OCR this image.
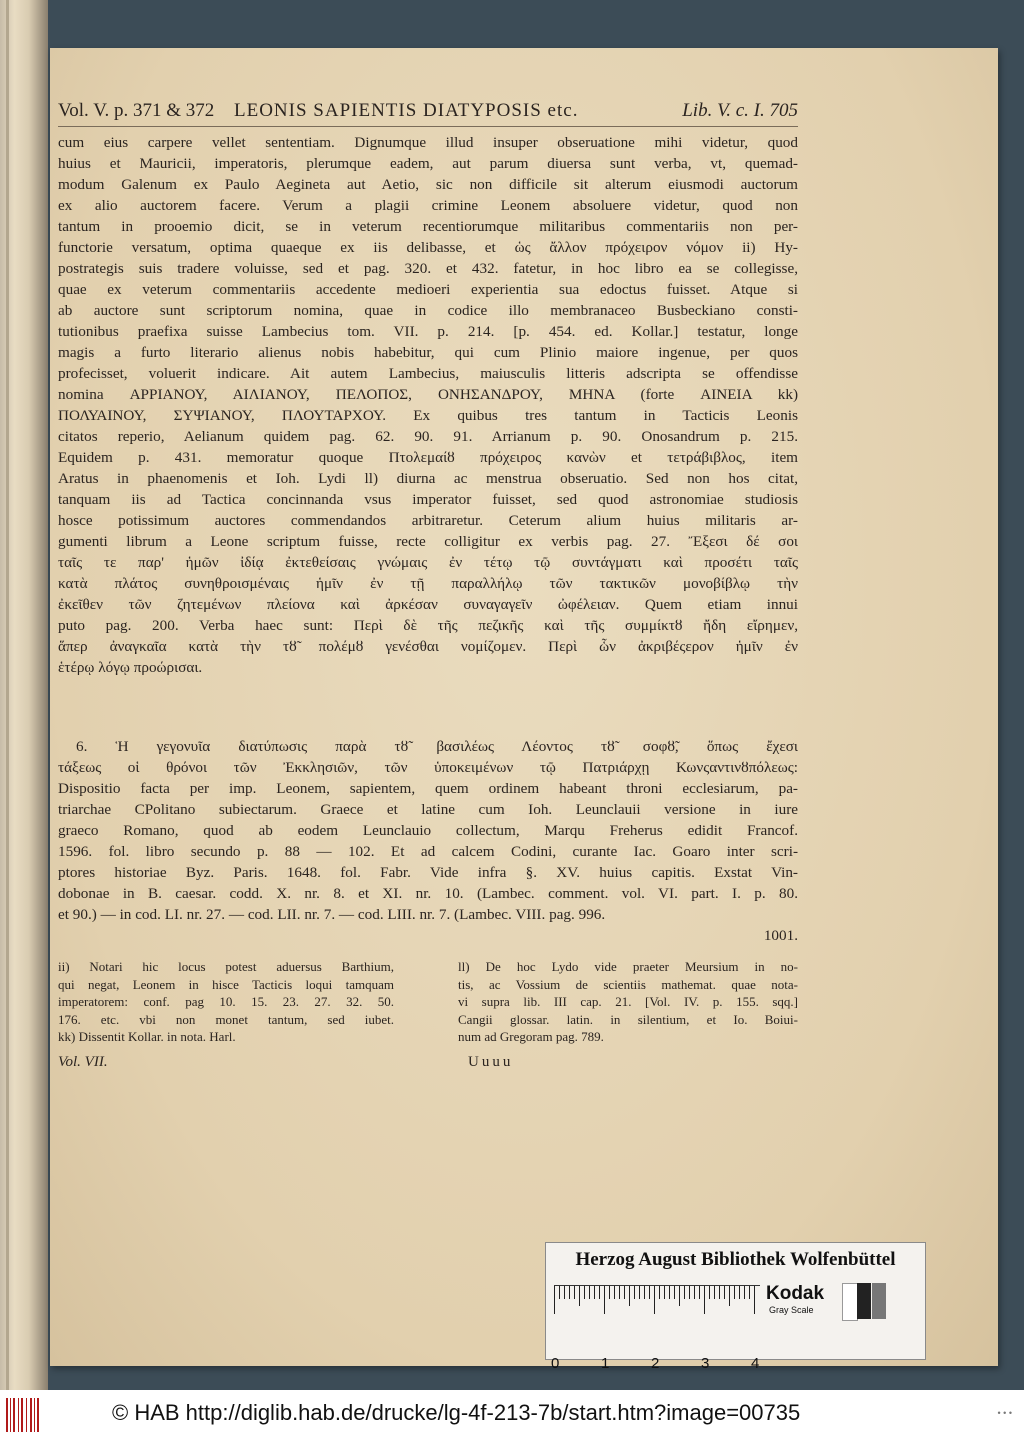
Vol. V. p. 371 & 372 LEONIS SAPIENTIS DIATYPOSIS etc.	Lib. V. c. I. 705
cum eius carpere vellet sententiam. Dignumque illud insuper obseruatione mihi videtur, quod
huius et Mauricii, imperatoris, plerumque eadem, aut parum diuersa sunt verba, vt, quemad-
modum Galenum ex Paulo Aegineta aut Aetio, sic non difficile sit alterum eiusmodi auctorum
ex alio auctorem facere. Verum a plagii crimine Leonem absoluere videtur, quod non
tantum in prooemio dicit, se in veterum recentiorumque militaribus commentariis non per-
functorie versatum, optima quaeque ex iis delibasse, et ὡς ἄλλον πρόχειρον νόμον ii) Hy-
postrategis suis tradere voluisse, sed et pag. 320. et 432. fatetur, in hoc libro ea se collegisse,
quae ex veterum commentariis accedente medioeri experientia sua edoctus fuisset. Atque si
ab auctore sunt scriptorum nomina, quae in codice illo membranaceo Busbeckiano consti-
tutionibus praefixa suisse Lambecius tom. VII. p. 214. [p. 454. ed. Kollar.] testatur, longe
magis a furto literario alienus nobis habebitur, qui cum Plinio maiore ingenue, per quos
profecisset, voluerit indicare. Ait autem Lambecius, maiusculis litteris adscripta se offendisse
nomina ΑΡΡΙΑΝΟΥ, ΑΙΛΙΑΝΟΥ, ΠΕΛΟΠΟΣ, ΟΝΗΣΑΝΔΡΟΥ, ΜΗΝΑ (forte ΑΙΝΕΙΑ kk)
ΠΟΛΥΑΙΝΟΥ, ΣΥΨΙΑΝΟΥ, ΠΛΟΥΤΑΡΧΟΥ. Ex quibus tres tantum in Tacticis Leonis
citatos reperio, Aelianum quidem pag. 62. 90. 91. Arrianum p. 90. Onosandrum p. 215.
Equidem p. 431. memoratur quoque Πτολεμαίȣ πρόχειρος κανὼν et τετράβιβλος, item
Aratus in phaenomenis et Ioh. Lydi ll) diurna ac menstrua obseruatio. Sed non hos citat,
tanquam iis ad Tactica concinnanda vsus imperator fuisset, sed quod astronomiae studiosis
hosce potissimum auctores commendandos arbitraretur. Ceterum alium huius militaris ar-
gumenti librum a Leone scriptum fuisse, recte colligitur ex verbis pag. 27. Ἔξεσι δέ σοι
ταῖς τε παρ' ἡμῶν ἰδίᾳ ἐκτεθείσαις γνώμαις ἐν τέτῳ τῷ συντάγματι καὶ προσέτι ταῖς
κατὰ πλάτος συνηθροισμέναις ἡμῖν ἐν τῇ παραλλήλῳ τῶν τακτικῶν μονοβίβλῳ τὴν
ἐκεῖθεν τῶν ζητεμένων πλείονα καὶ ἀρκέσαν συναγαγεῖν ὠφέλειαν. Quem etiam innui
puto pag. 200. Verba haec sunt: Περὶ δὲ τῆς πεζικῆς καὶ τῆς συμμίκτȣ ἤδη εἴρημεν,
ἅπερ ἀναγκαῖα κατὰ τὴν τȣ̃ πολέμȣ γενέσθαι νομίζομεν. Περὶ ὧν ἀκριβέςερον ἡμῖν ἐν
ἑτέρῳ λόγῳ προώρισαι.
6. Ἡ γεγονυῖα διατύπωσις παρὰ τȣ̃ βασιλέως Λέοντος τȣ̃ σοφȣ̃, ὅπως ἔχεσι
τάξεως οἱ θρόνοι τῶν Ἐκκλησιῶν, τῶν ὑποκειμένων τῷ Πατριάρχῃ Κωνςαντινȣπόλεως:
Dispositio facta per imp. Leonem, sapientem, quem ordinem habeant throni ecclesiarum, pa-
triarchae CPolitano subiectarum. Graece et latine cum Ioh. Leunclauii versione in iure
graeco Romano, quod ab eodem Leunclauio collectum, Marqu Freherus edidit Francof.
1596. fol. libro secundo p. 88 — 102. Et ad calcem Codini, curante Iac. Goaro inter scri-
ptores historiae Byz. Paris. 1648. fol. Fabr. Vide infra §. XV. huius capitis. Exstat Vin-
dobonae in B. caesar. codd. X. nr. 8. et XI. nr. 10. (Lambec. comment. vol. VI. part. I. p. 80.
et 90.) — in cod. LI. nr. 27. — cod. LII. nr. 7. — cod. LIII. nr. 7. (Lambec. VIII. pag. 996.
1001.
ii) Notari hic locus potest aduersus Barthium,
qui negat, Leonem in hisce Tacticis loqui tamquam
imperatorem: conf. pag 10. 15. 23. 27. 32. 50.
176. etc. vbi non monet tantum, sed iubet.
kk) Dissentit Kollar. in nota. Harl.
ll) De hoc Lydo vide praeter Meursium in no-
tis, ac Vossium de scientiis mathemat. quae nota-
vi supra lib. III cap. 21. [Vol. IV. p. 155. sqq.]
Cangii glossar. latin. in silentium, et Io. Boiui-
num ad Gregoram pag. 789.
Vol. VII.	Uuuu
Herzog August Bibliothek Wolfenbüttel
0	1	2	3	4
Kodak
Gray Scale
© HAB http://diglib.hab.de/drucke/lg-4f-213-7b/start.htm?image=00735	• • •
